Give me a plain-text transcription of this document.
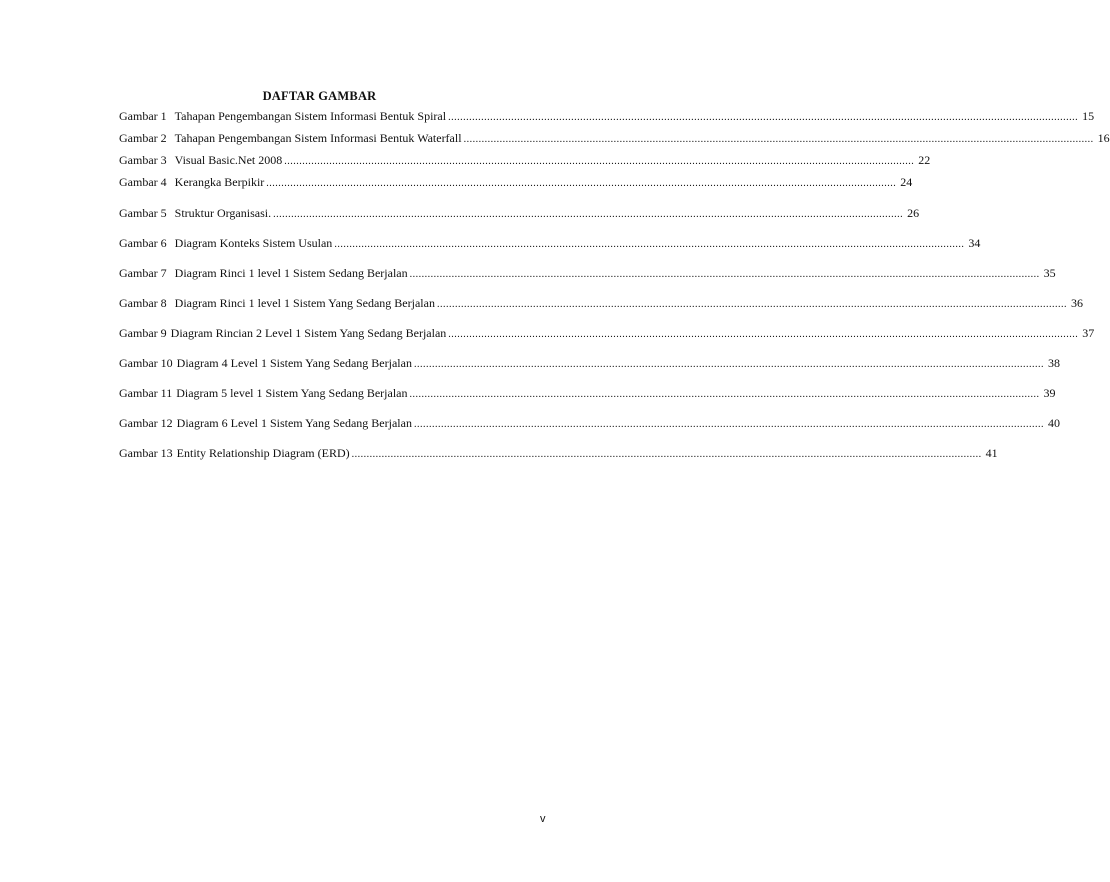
DAFTAR GAMBAR
Gambar 1 Tahapan Pengembangan Sistem Informasi Bentuk Spiral .....	15
Gambar 2 Tahapan Pengembangan Sistem Informasi Bentuk Waterfall .....	16
Gambar 3 Visual Basic.Net 2008 .....	22
Gambar 4 Kerangka Berpikir .....	24
Gambar 5 Struktur Organisasi. .....	26
Gambar 6 Diagram Konteks Sistem Usulan .....	34
Gambar 7 Diagram Rinci 1 level 1 Sistem Sedang Berjalan .....	35
Gambar 8 Diagram Rinci 1 level 1 Sistem Yang Sedang Berjalan .....	36
Gambar 9 Diagram Rincian 2 Level 1 Sistem Yang Sedang Berjalan .....	37
Gambar 10 Diagram 4 Level 1 Sistem Yang Sedang Berjalan .....	38
Gambar 11 Diagram 5 level 1 Sistem Yang Sedang Berjalan .....	39
Gambar 12 Diagram 6 Level 1 Sistem Yang Sedang Berjalan .....	40
Gambar 13 Entity Relationship Diagram (ERD) .....	41

v
